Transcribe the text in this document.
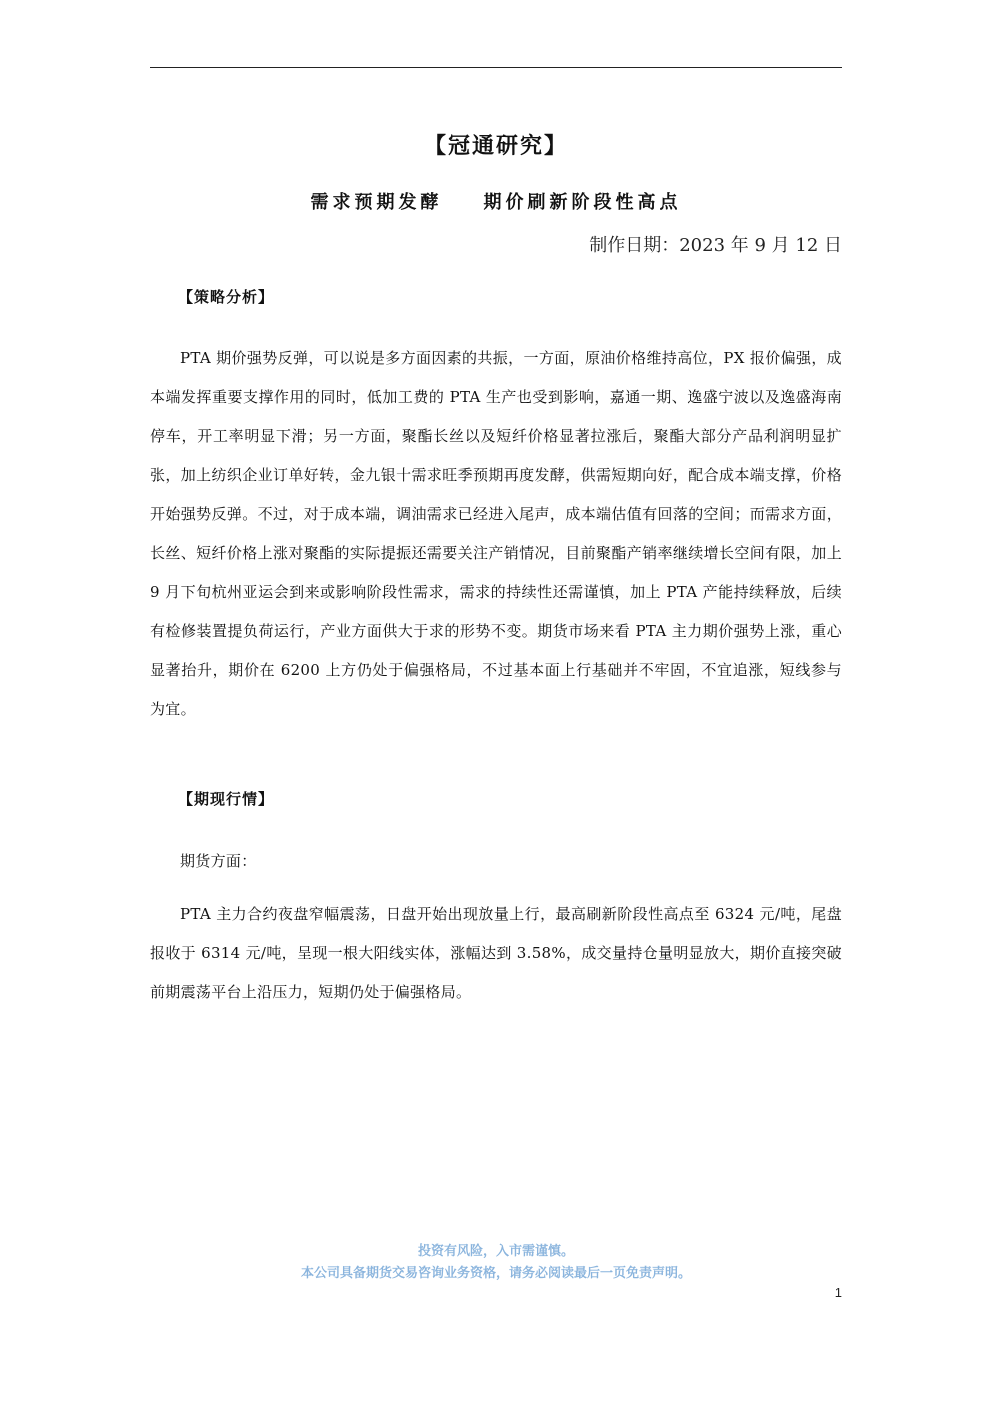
【冠通研究】
需求预期发酵    期价刷新阶段性高点
制作日期：2023 年 9 月 12 日
【策略分析】

PTA 期价强势反弹，可以说是多方面因素的共振，一方面，原油价格维持高位，PX 报价偏强，成本端发挥重要支撑作用的同时，低加工费的 PTA 生产也受到影响，嘉通一期、逸盛宁波以及逸盛海南停车，开工率明显下滑；另一方面，聚酯长丝以及短纤价格显著拉涨后，聚酯大部分产品利润明显扩张，加上纺织企业订单好转，金九银十需求旺季预期再度发酵，供需短期向好，配合成本端支撑，价格开始强势反弹。不过，对于成本端，调油需求已经进入尾声，成本端估值有回落的空间；而需求方面，长丝、短纤价格上涨对聚酯的实际提振还需要关注产销情况，目前聚酯产销率继续增长空间有限，加上 9 月下旬杭州亚运会到来或影响阶段性需求，需求的持续性还需谨慎，加上 PTA 产能持续释放，后续有检修装置提负荷运行，产业方面供大于求的形势不变。期货市场来看 PTA 主力期价强势上涨，重心显著抬升，期价在 6200 上方仍处于偏强格局，不过基本面上行基础并不牢固，不宜追涨，短线参与为宜。

【期现行情】

期货方面：

PTA 主力合约夜盘窄幅震荡，日盘开始出现放量上行，最高刷新阶段性高点至 6324 元/吨，尾盘报收于 6314 元/吨，呈现一根大阳线实体，涨幅达到 3.58%，成交量持仓量明显放大，期价直接突破前期震荡平台上沿压力，短期仍处于偏强格局。

投资有风险，入市需谨慎。
本公司具备期货交易咨询业务资格，请务必阅读最后一页免责声明。
1
